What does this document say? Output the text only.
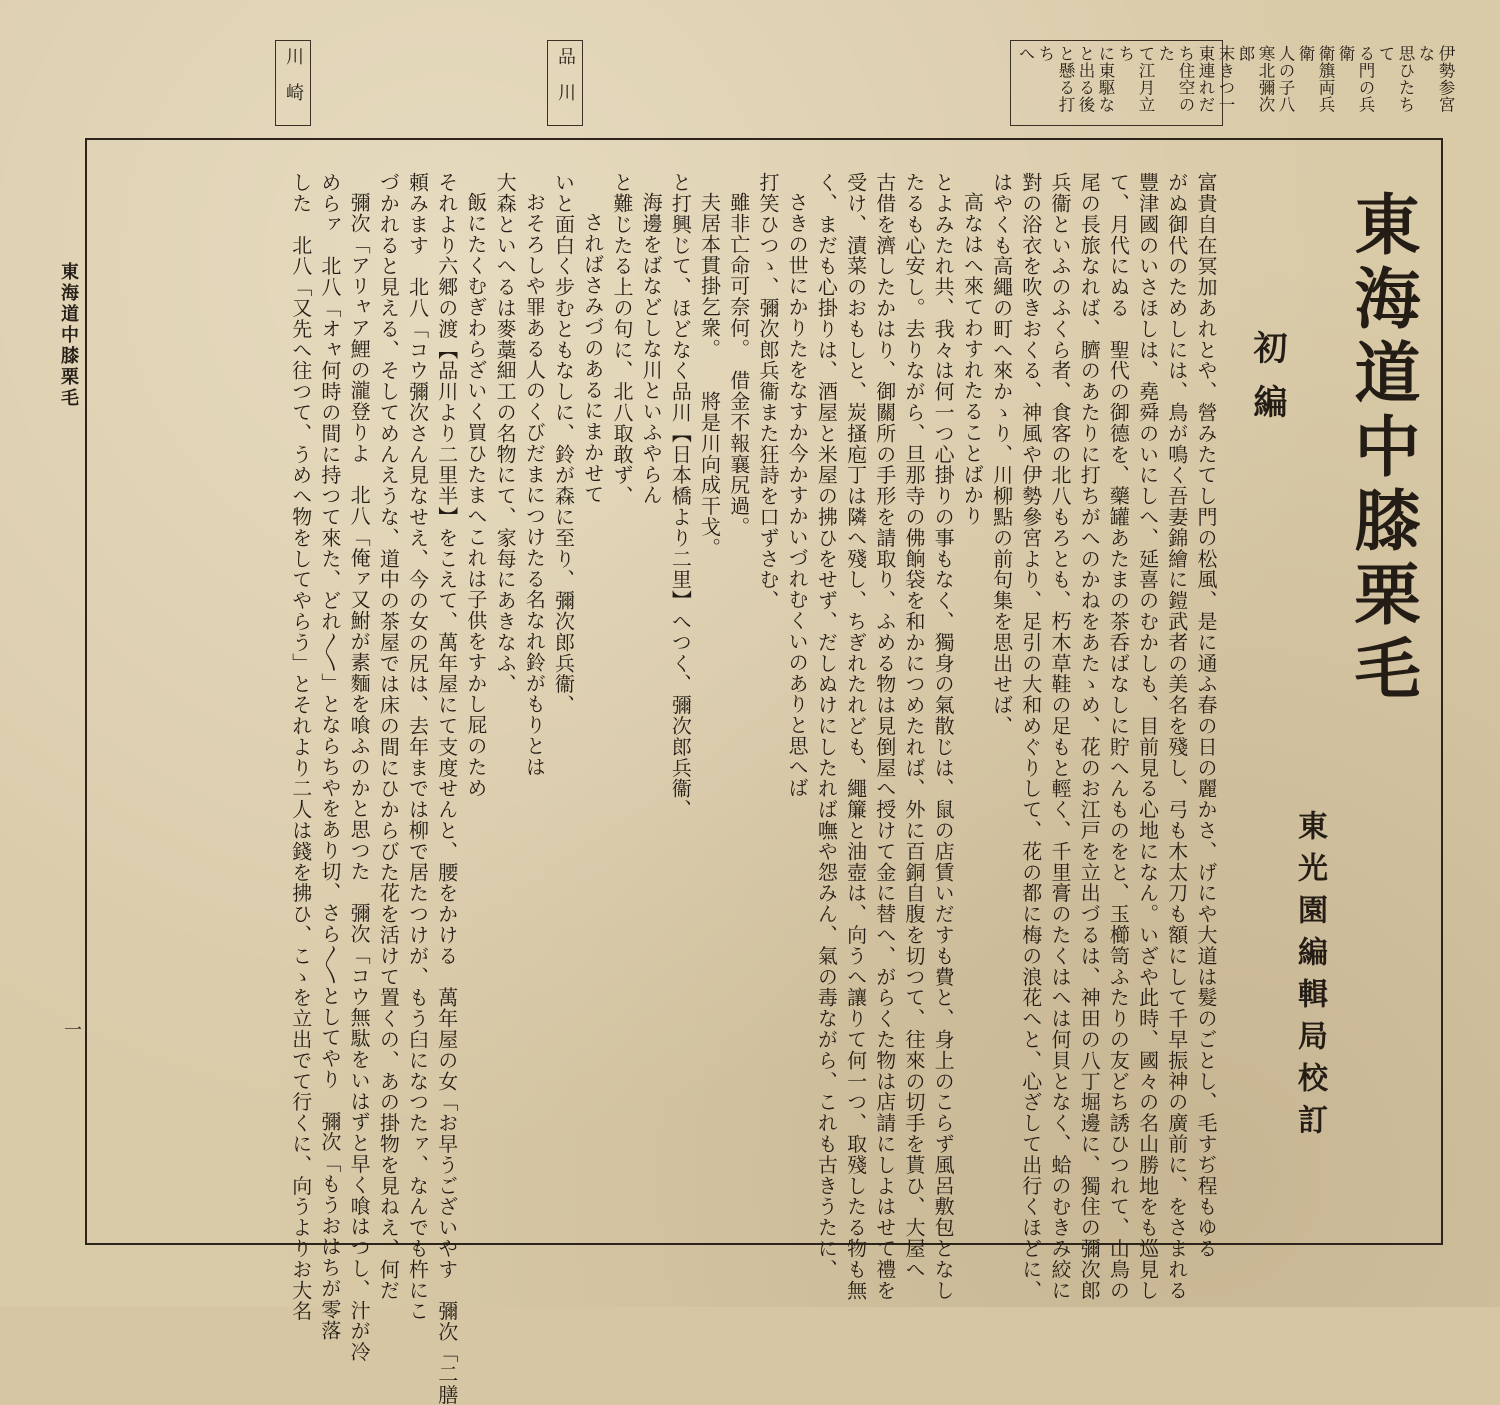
伊勢参宮な 思ひたちて る門の兵衛 衛籏両兵衛 人の子八 寒北彌次郎 末きつ一 東連れだ ち住空のた て江月立ち に東駆な と出る後 と懸る打ち へ
品川
川崎
東海道中膝栗毛
初編
東光園編輯局校訂
富貴自在冥加あれとや、營みたてし門の松風、是に通ふ春の日の麗かさ、げにや大道は髮のごとし、毛すぢ程もゆる
がぬ御代のためしには、鳥が鳴く吾妻錦繪に鎧武者の美名を殘し、弓も木太刀も額にして千早振神の廣前に、をさまれる
豐津國のいさほしは、堯舜のいにしへ、延喜のむかしも、目前見る心地になん。いざや此時、國々の名山勝地をも巡見し
て、月代にぬる　聖代の御德を、藥罐あたまの茶呑ばなしに貯へんものをと、玉櫛笥ふたりの友どち誘ひつれて、山鳥の
尾の長旅なれば、臍のあたりに打ちがへのかねをあたゝめ、花のお江戸を立出づるは、神田の八丁堀邊に、獨住の彌次郎
兵衞といふのふくら者、食客の北八もろとも、朽木草鞋の足もと輕く、千里膏のたくはへは何貝となく、蛤のむきみ絞に
對の浴衣を吹きおくる、神風や伊勢參宮より、足引の大和めぐりして、花の都に梅の浪花へと、心ざして出行くほどに、
はやくも高繩の町へ來かゝり、川柳點の前句集を思出せば、
高なはへ來てわすれたることばかり
とよみたれ共、我々は何一つ心掛りの事もなく、獨身の氣散じは、鼠の店賃いだすも費と、身上のこらず風呂敷包となし
たるも心安し。去りながら、旦那寺の佛餉袋を和かにつめたれば、外に百銅自腹を切つて、往來の切手を貰ひ、大屋へ
古借を濟したかはり、御關所の手形を請取り、ふめる物は見倒屋へ授けて金に替へ、がらくた物は店請にしよはせて禮を
受け、漬菜のおもしと、炭搔庖丁は隣へ殘し、ちぎれたれども、繩簾と油壺は、向うへ讓りて何一つ、取殘したる物も無
く、まだも心掛りは、酒屋と米屋の拂ひをせず、だしぬけにしたれば嘸や怨みん、氣の毒ながら、これも古きうたに、
さきの世にかりたをなすか今かすかいづれむくいのありと思へば
打笑ひつゝ、彌次郎兵衞また狂詩を口ずさむ、
雖非亡命可奈何。　借金不報襄尻過。
夫居本貫掛乞衆。　　將是川向成干戈。
と打興じて、ほどなく品川【日本橋より二里】へつく、彌次郎兵衞、
海邊をばなどしな川といふやらん
と難じたる上の句に、北八取敢ず、
さればさみづのあるにまかせて
いと面白く步むともなしに、鈴が森に至り、彌次郎兵衞、
おそろしや罪ある人のくびだまにつけたる名なれ鈴がもりとは
大森といへるは麥藁細工の名物にて、家每にあきなふ、
飯にたくむぎわらざいく買ひたまへこれは子供をすかし屁のため
それより六郷の渡【品川より二里半】をこえて、萬年屋にて支度せんと、腰をかける　萬年屋の女「お早うございやす　彌次「二膳
頼みます　北八「コウ彌次さん見なせえ、今の女の尻は、去年までは柳で居たつけが、もう臼になつたァ、なんでも杵にこ
づかれると見える、そしてめんえうな、道中の茶屋では床の間にひからびた花を活けて置くの、あの掛物を見ねえ、何だ
彌次「アリャア鯉の瀧登りよ　北八「俺ァ又鮒が素麵を喰ふのかと思つた　彌次「コウ無駄をいはずと早く喰はつし、汁が冷
めらァ　北八「オャ何時の間に持つて來た、どれ〳〵」とならちやをあり切、さら〳〵としてやり　彌次「もうおはちが零落
した　北八「又先へ往つて、うめへ物をしてやらう」とそれより二人は錢を拂ひ、こゝを立出でて行くに、向うよりお大名
東海道中膝栗毛
一
